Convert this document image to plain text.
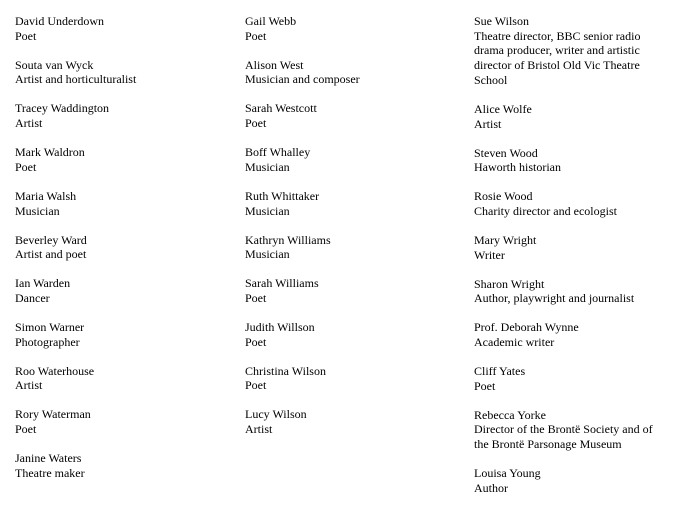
David Underdown
Poet
Souta van Wyck
Artist and horticulturalist
Tracey Waddington
Artist
Mark Waldron
Poet
Maria Walsh
Musician
Beverley Ward
Artist and poet
Ian Warden
Dancer
Simon Warner
Photographer
Roo Waterhouse
Artist
Rory Waterman
Poet
Janine Waters
Theatre maker
Gail Webb
Poet
Alison West
Musician and composer
Sarah Westcott
Poet
Boff Whalley
Musician
Ruth Whittaker
Musician
Kathryn Williams
Musician
Sarah Williams
Poet
Judith Willson
Poet
Christina Wilson
Poet
Lucy Wilson
Artist
Sue Wilson
Theatre director, BBC senior radio drama producer, writer and artistic director of Bristol Old Vic Theatre School
Alice Wolfe
Artist
Steven Wood
Haworth historian
Rosie Wood
Charity director and ecologist
Mary Wright
Writer
Sharon Wright
Author, playwright and journalist
Prof. Deborah Wynne
Academic writer
Cliff Yates
Poet
Rebecca Yorke
Director of the Brontë Society and of the Brontë Parsonage Museum
Louisa Young
Author
